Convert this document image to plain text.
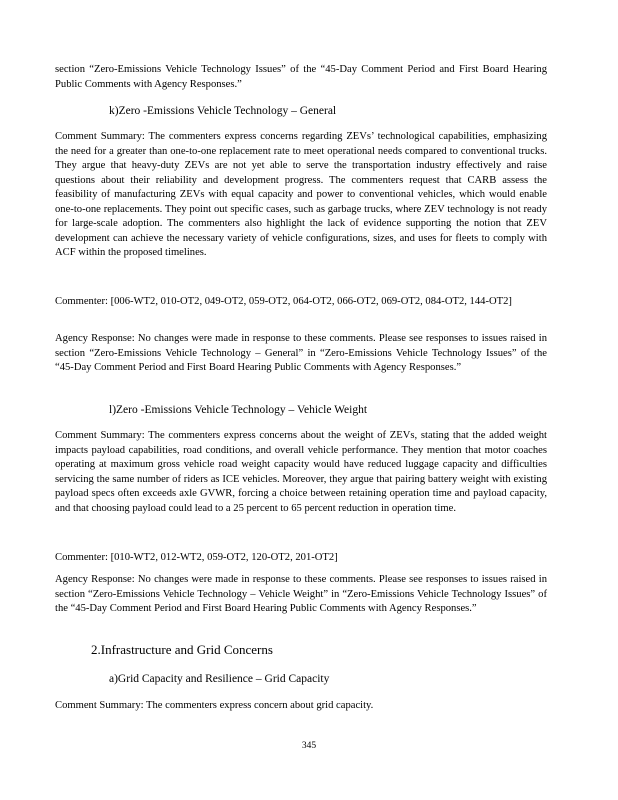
section “Zero-Emissions Vehicle Technology Issues” of the “45-Day Comment Period and First Board Hearing Public Comments with Agency Responses.”

k)Zero -Emissions Vehicle Technology – General

Comment Summary: The commenters express concerns regarding ZEVs’ technological capabilities, emphasizing the need for a greater than one-to-one replacement rate to meet operational needs compared to conventional trucks. They argue that heavy-duty ZEVs are not yet able to serve the transportation industry effectively and raise questions about their reliability and development progress. The commenters request that CARB assess the feasibility of manufacturing ZEVs with equal capacity and power to conventional vehicles, which would enable one-to-one replacements. They point out specific cases, such as garbage trucks, where ZEV technology is not ready for large-scale adoption. The commenters also highlight the lack of evidence supporting the notion that ZEV development can achieve the necessary variety of vehicle configurations, sizes, and uses for fleets to comply with ACF within the proposed timelines.

Commenter: [006-WT2, 010-OT2, 049-OT2, 059-OT2, 064-OT2, 066-OT2, 069-OT2, 084-OT2, 144-OT2]

Agency Response: No changes were made in response to these comments. Please see responses to issues raised in section “Zero-Emissions Vehicle Technology – General” in “Zero-Emissions Vehicle Technology Issues” of the “45-Day Comment Period and First Board Hearing Public Comments with Agency Responses.”

l)Zero -Emissions Vehicle Technology – Vehicle Weight

Comment Summary: The commenters express concerns about the weight of ZEVs, stating that the added weight impacts payload capabilities, road conditions, and overall vehicle performance. They mention that motor coaches operating at maximum gross vehicle road weight capacity would have reduced luggage capacity and difficulties servicing the same number of riders as ICE vehicles. Moreover, they argue that pairing battery weight with existing payload specs often exceeds axle GVWR, forcing a choice between retaining operation time and payload capacity, and that choosing payload could lead to a 25 percent to 65 percent reduction in operation time.

Commenter: [010-WT2, 012-WT2, 059-OT2, 120-OT2, 201-OT2]

Agency Response: No changes were made in response to these comments. Please see responses to issues raised in section “Zero-Emissions Vehicle Technology – Vehicle Weight” in “Zero-Emissions Vehicle Technology Issues” of the “45-Day Comment Period and First Board Hearing Public Comments with Agency Responses.”

2.Infrastructure and Grid Concerns
a)Grid Capacity and Resilience – Grid Capacity

Comment Summary: The commenters express concern about grid capacity.

345
